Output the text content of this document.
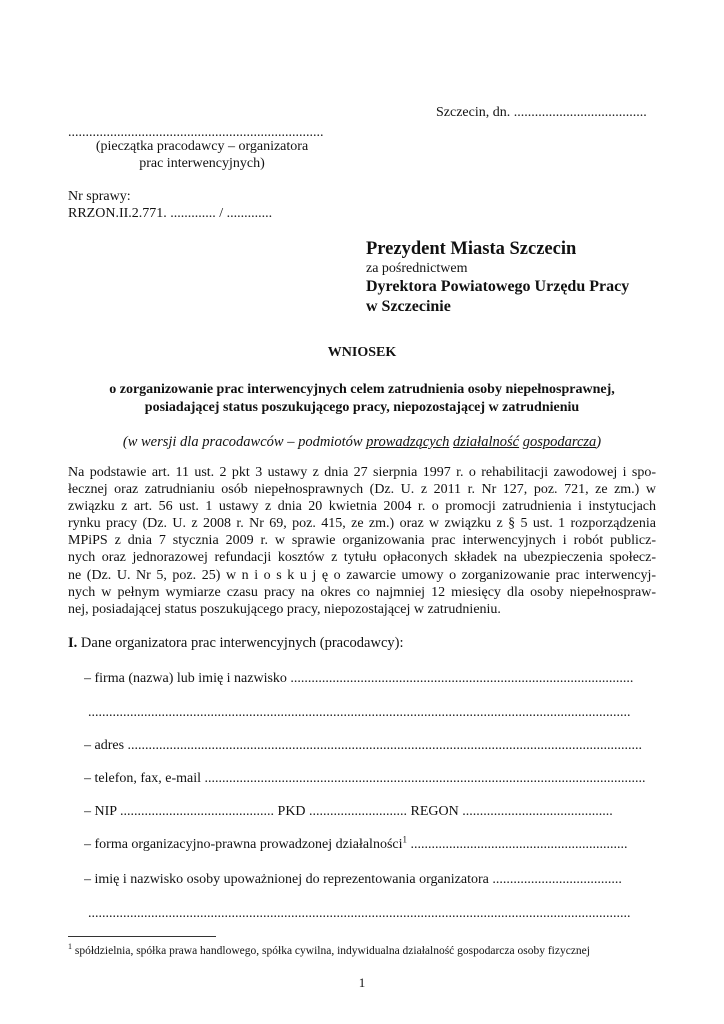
Szczecin, dn. ......................................
.........................................................................
(pieczątka pracodawcy – organizatora
prac interwencyjnych)
Nr sprawy:
RRZON.II.2.771. ............. / .............
Prezydent Miasta Szczecin
za pośrednictwem
Dyrektora Powiatowego Urzędu Pracy
w Szczecinie
WNIOSEK
o zorganizowanie prac interwencyjnych celem zatrudnienia osoby niepełnosprawnej,
posiadającej status poszukującego pracy, niepozostającej w zatrudnieniu
(w wersji dla pracodawców – podmiotów prowadzących działalność gospodarcza)
Na podstawie art. 11 ust. 2 pkt 3 ustawy z dnia 27 sierpnia 1997 r. o rehabilitacji zawodowej i spo-
łecznej oraz zatrudnianiu osób niepełnosprawnych (Dz. U. z 2011 r. Nr 127, poz. 721, ze zm.) w
związku z art. 56 ust. 1 ustawy z dnia 20 kwietnia 2004 r. o promocji zatrudnienia i instytucjach
rynku pracy (Dz. U. z 2008 r. Nr 69, poz. 415, ze zm.) oraz w związku z § 5 ust. 1 rozporządzenia
MPiPS z dnia 7 stycznia 2009 r. w sprawie organizowania prac interwencyjnych i robót publicz-
nych oraz jednorazowej refundacji kosztów z tytułu opłaconych składek na ubezpieczenia społecz-
ne (Dz. U. Nr 5, poz. 25) w n i o s k u j ę o zawarcie umowy o zorganizowanie prac interwencyj-
nych w pełnym wymiarze czasu pracy na okres co najmniej 12 miesięcy dla osoby niepełnospraw-
nej, posiadającej status poszukującego pracy, niepozostającej w zatrudnieniu.
I. Dane organizatora prac interwencyjnych (pracodawcy):
– firma (nazwa) lub imię i nazwisko ..................................................................................................
...........................................................................................................................................................
– adres ...................................................................................................................................................
– telefon, fax, e-mail ..............................................................................................................................
– NIP ............................................ PKD ............................ REGON ...........................................
– forma organizacyjno-prawna prowadzonej działalności$^1$ ..............................................................
– imię i nazwisko osoby upoważnionej do reprezentowania organizatora .....................................
...........................................................................................................................................................
$^1$ spółdzielnia, spółka prawa handlowego, spółka cywilna, indywidualna działalność gospodarcza osoby fizycznej
1
